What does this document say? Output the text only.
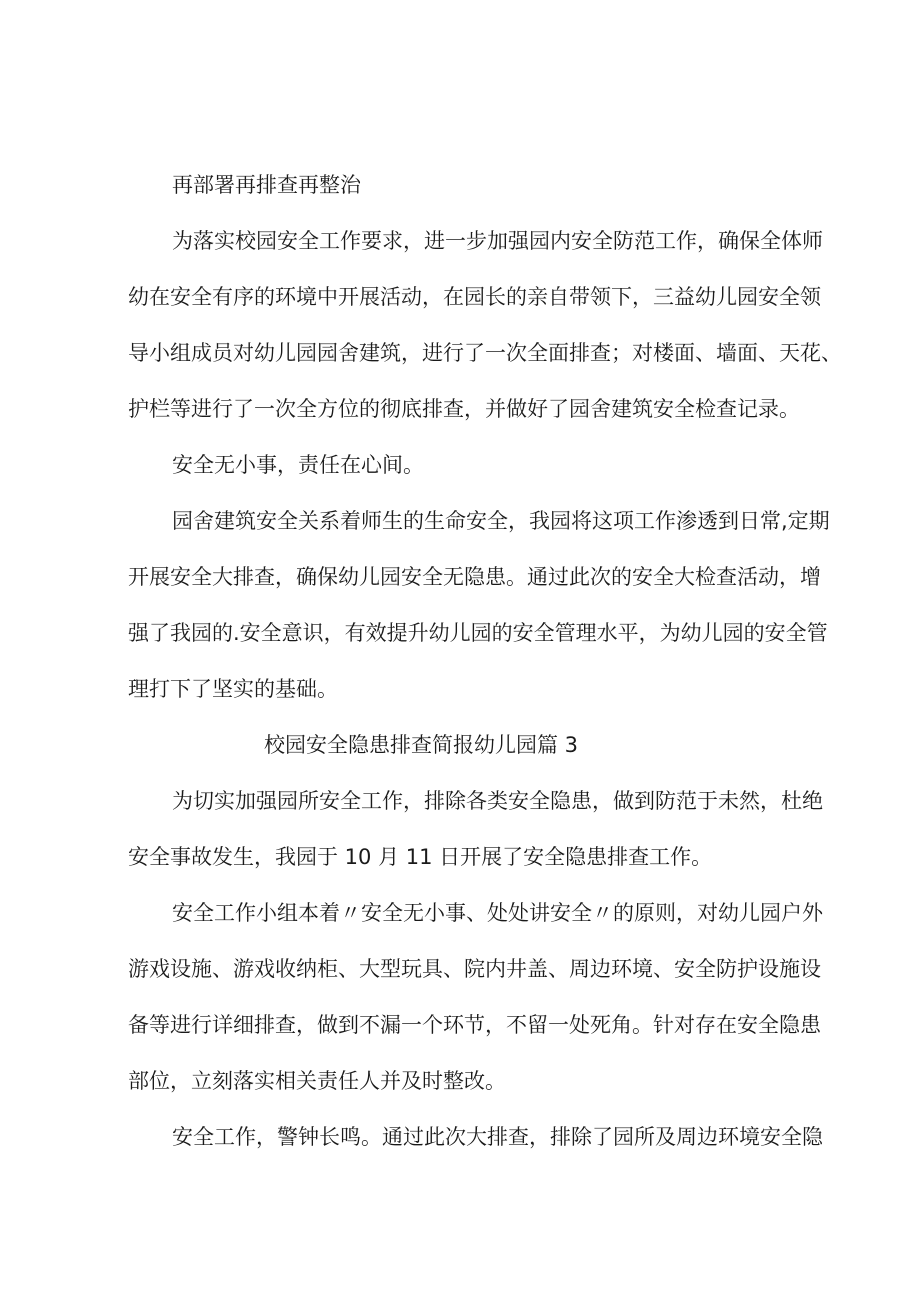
再部署再排查再整治
为落实校园安全工作要求，进一步加强园内安全防范工作，确保全体师
幼在安全有序的环境中开展活动，在园长的亲自带领下，三益幼儿园安全领
导小组成员对幼儿园园舍建筑，进行了一次全面排查；对楼面、墙面、天花、
护栏等进行了一次全方位的彻底排查，并做好了园舍建筑安全检查记录。
安全无小事，责任在心间。
园舍建筑安全关系着师生的生命安全，我园将这项工作渗透到日常,定期
开展安全大排查，确保幼儿园安全无隐患。通过此次的安全大检查活动，增
强了我园的.安全意识，有效提升幼儿园的安全管理水平，为幼儿园的安全管
理打下了坚实的基础。
校园安全隐患排查简报幼儿园篇 3
为切实加强园所安全工作，排除各类安全隐患，做到防范于未然，杜绝
安全事故发生，我园于 10 月 11 日开展了安全隐患排查工作。
安全工作小组本着〃安全无小事、处处讲安全〃的原则，对幼儿园户外
游戏设施、游戏收纳柜、大型玩具、院内井盖、周边环境、安全防护设施设
备等进行详细排查，做到不漏一个环节，不留一处死角。针对存在安全隐患
部位，立刻落实相关责任人并及时整改。
安全工作，警钟长鸣。通过此次大排查，排除了园所及周边环境安全隐
